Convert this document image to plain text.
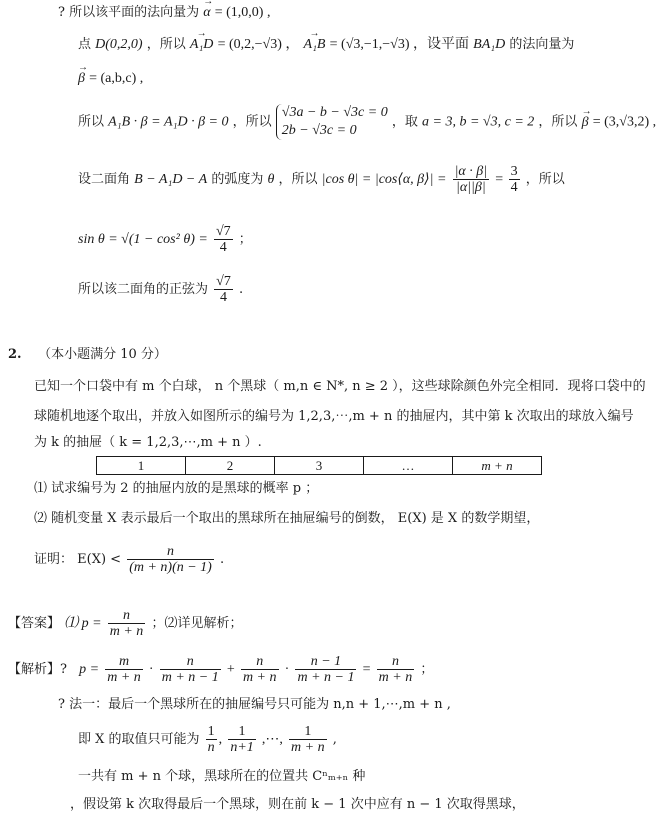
? 所以该平面的法向量为 → α = (1,0,0) ,
点 D(0,2,0) ，所以 → A₁D = (0,2,−√3) ， → A₁B = (√3,−1,−√3) ，设平面 BA₁D 的法向量为
→ β = (a,b,c) ,
所以 A₁B · β = A₁D · β = 0 ，所以
√3a − b − √3c = 0
2b − √3c = 0
，取 a = 3, b = √3, c = 2 ，所以 → β = (3,√3,2) ,
设二面角 B − A₁D − A 的弧度为 θ ，所以 |cos θ| = |cos⟨α, β⟩| = $\frac{|\alpha \cdot \beta|}{|\alpha||\beta|} = \frac{3}{4}$ ，所以
sin θ = √(1 − cos² $\theta) = \frac{√7}{4}$ ；
所以该二面角的正弦为 $\frac{√7}{4}$ .
2. （本小题满分 10 分）
已知一个口袋中有 m 个白球， n 个黑球（ m,n ∈ N*, n ≥ 2 ），这些球除颜色外完全相同．现将口袋中的
球随机地逐个取出，并放入如图所示的编号为 1,2,3,⋯,m + n 的抽屉内，其中第 k 次取出的球放入编号
为 k 的抽屉（ k = 1,2,3,⋯,m + n ）.
1	2	3	…	m + n
⑴ 试求编号为 2 的抽屉内放的是黑球的概率 p ；
⑵ 随机变量 X 表示最后一个取出的黑球所在抽屉编号的倒数， E(X) 是 X 的数学期望，
证明： $E(X) < \frac{n}{(m + n)(n - 1)}$ .
【答案】 ⑴ $p = \frac{n}{m + n}$ ；⑵详见解析；
【解析】? $p = \frac{m}{m + n} \cdot \frac{n}{m + n - 1} + \frac{n}{m + n} \cdot \frac{n - 1}{m + n - 1} = \frac{n}{m + n}$ ；
? 法一：最后一个黑球所在的抽屉编号只可能为 n,n + 1,⋯,m + n ,
即 X 的取值只可能为 $\frac{1}{n}$ , $\frac{1}{n+1}$ ,⋯, $\frac{1}{m + n}$ ,
一共有 m + n 个球，黑球所在的位置共 Cⁿₘ₊ₙ 种
，假设第 k 次取得最后一个黑球，则在前 k − 1 次中应有 n − 1 次取得黑球，
